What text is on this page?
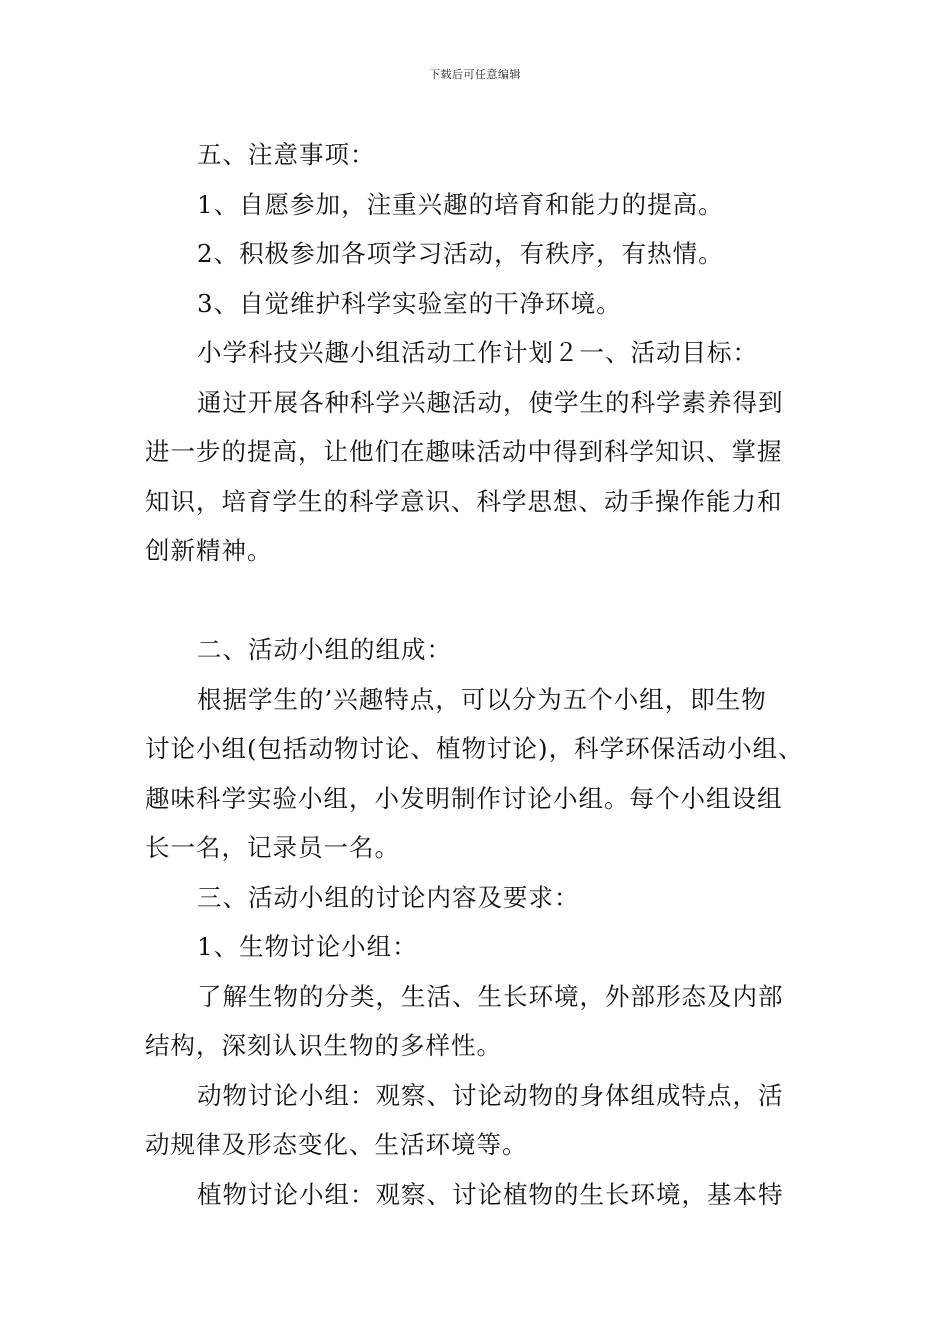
下载后可任意编辑
五、注意事项：
1、自愿参加，注重兴趣的培育和能力的提高。
2、积极参加各项学习活动，有秩序，有热情。
3、自觉维护科学实验室的干净环境。
小学科技兴趣小组活动工作计划２一、活动目标：
通过开展各种科学兴趣活动，使学生的科学素养得到
进一步的提高，让他们在趣味活动中得到科学知识、掌握
知识，培育学生的科学意识、科学思想、动手操作能力和
创新精神。
二、活动小组的组成：
根据学生的’兴趣特点，可以分为五个小组，即生物
讨论小组(包括动物讨论、植物讨论)，科学环保活动小组、
趣味科学实验小组，小发明制作讨论小组。每个小组设组
长一名，记录员一名。
三、活动小组的讨论内容及要求：
1、生物讨论小组：
了解生物的分类，生活、生长环境，外部形态及内部
结构，深刻认识生物的多样性。
动物讨论小组：观察、讨论动物的身体组成特点，活
动规律及形态变化、生活环境等。
植物讨论小组：观察、讨论植物的生长环境，基本特
